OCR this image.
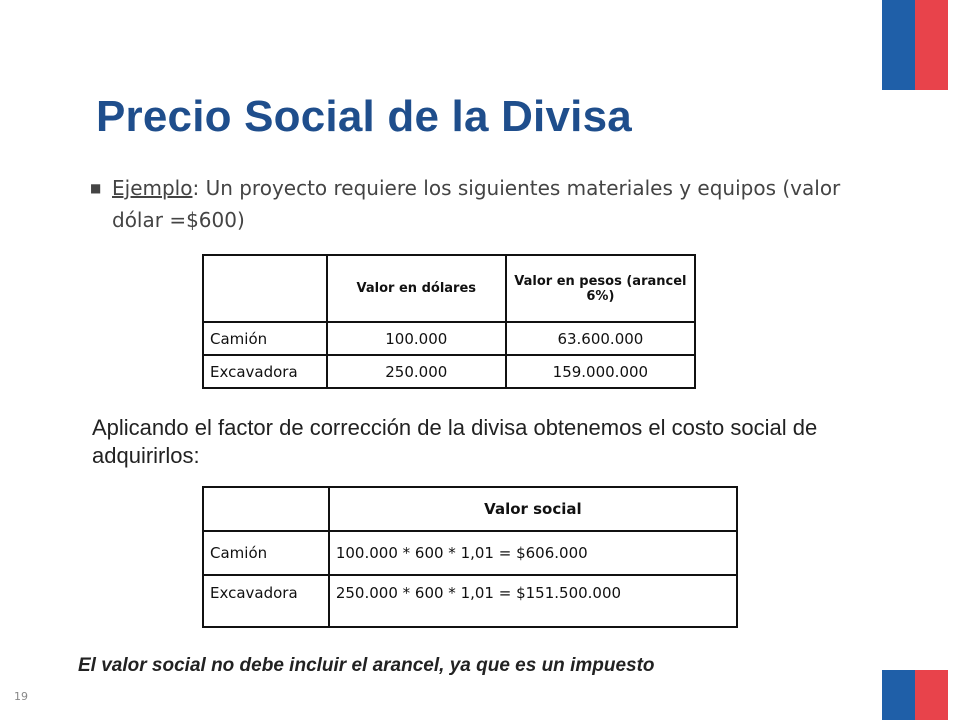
Precio Social de la Divisa
■ Ejemplo: Un proyecto requiere los siguientes materiales y equipos (valor dólar =$600)
	Valor en dólares	Valor en pesos (arancel 6%)
Camión	100.000	63.600.000
Excavadora	250.000	159.000.000
Aplicando el factor de corrección de la divisa obtenemos el costo social de adquirirlos:
	Valor social
Camión	100.000 * 600 * 1,01 = $606.000
Excavadora	250.000 * 600 * 1,01 = $151.500.000
El valor social no debe incluir el arancel, ya que es un impuesto
19
